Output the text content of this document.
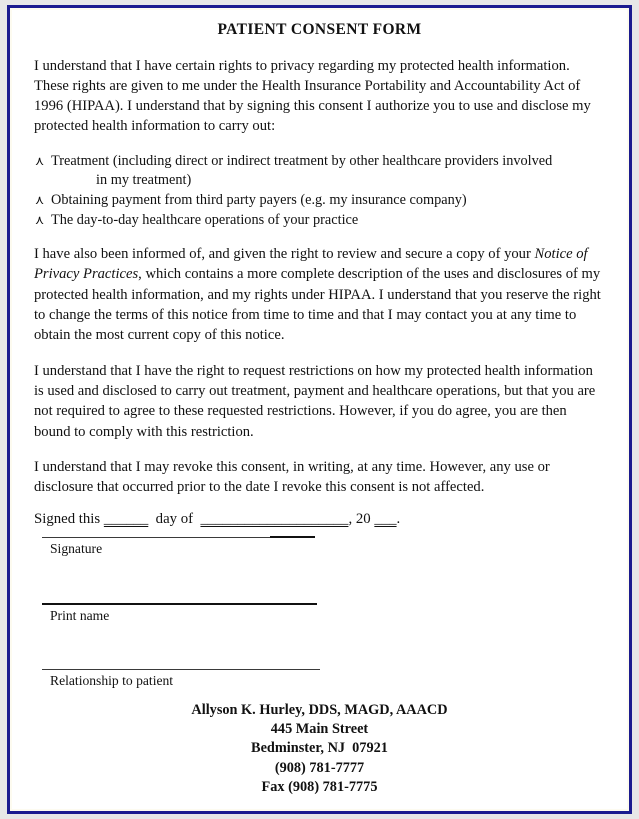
PATIENT CONSENT FORM

I understand that I have certain rights to privacy regarding my protected health information. These rights are given to me under the Health Insurance Portability and Accountability Act of 1996 (HIPAA). I understand that by signing this consent I authorize you to use and disclose my protected health information to carry out:

⋏ Treatment (including direct or indirect treatment by other healthcare providers involved
in my treatment)
⋏ Obtaining payment from third party payers (e.g. my insurance company)
⋏ The day-to-day healthcare operations of your practice

I have also been informed of, and given the right to review and secure a copy of your Notice of Privacy Practices, which contains a more complete description of the uses and disclosures of my protected health information, and my rights under HIPAA. I understand that you reserve the right to change the terms of this notice from time to time and that I may contact you at any time to obtain the most current copy of this notice.

I understand that I have the right to request restrictions on how my protected health information is used and disclosed to carry out treatment, payment and healthcare operations, but that you are not required to agree to these requested restrictions. However, if you do agree, you are then bound to comply with this restriction.

I understand that I may revoke this consent, in writing, at any time. However, any use or disclosure that occurred prior to the date I revoke this consent is not affected.

Signed this ______  day of  ____________________, 20 ___.

Signature
Print name
Relationship to patient
Allyson K. Hurley, DDS, MAGD, AAACD
445 Main Street
Bedminster, NJ  07921
(908) 781-7777
Fax (908) 781-7775
